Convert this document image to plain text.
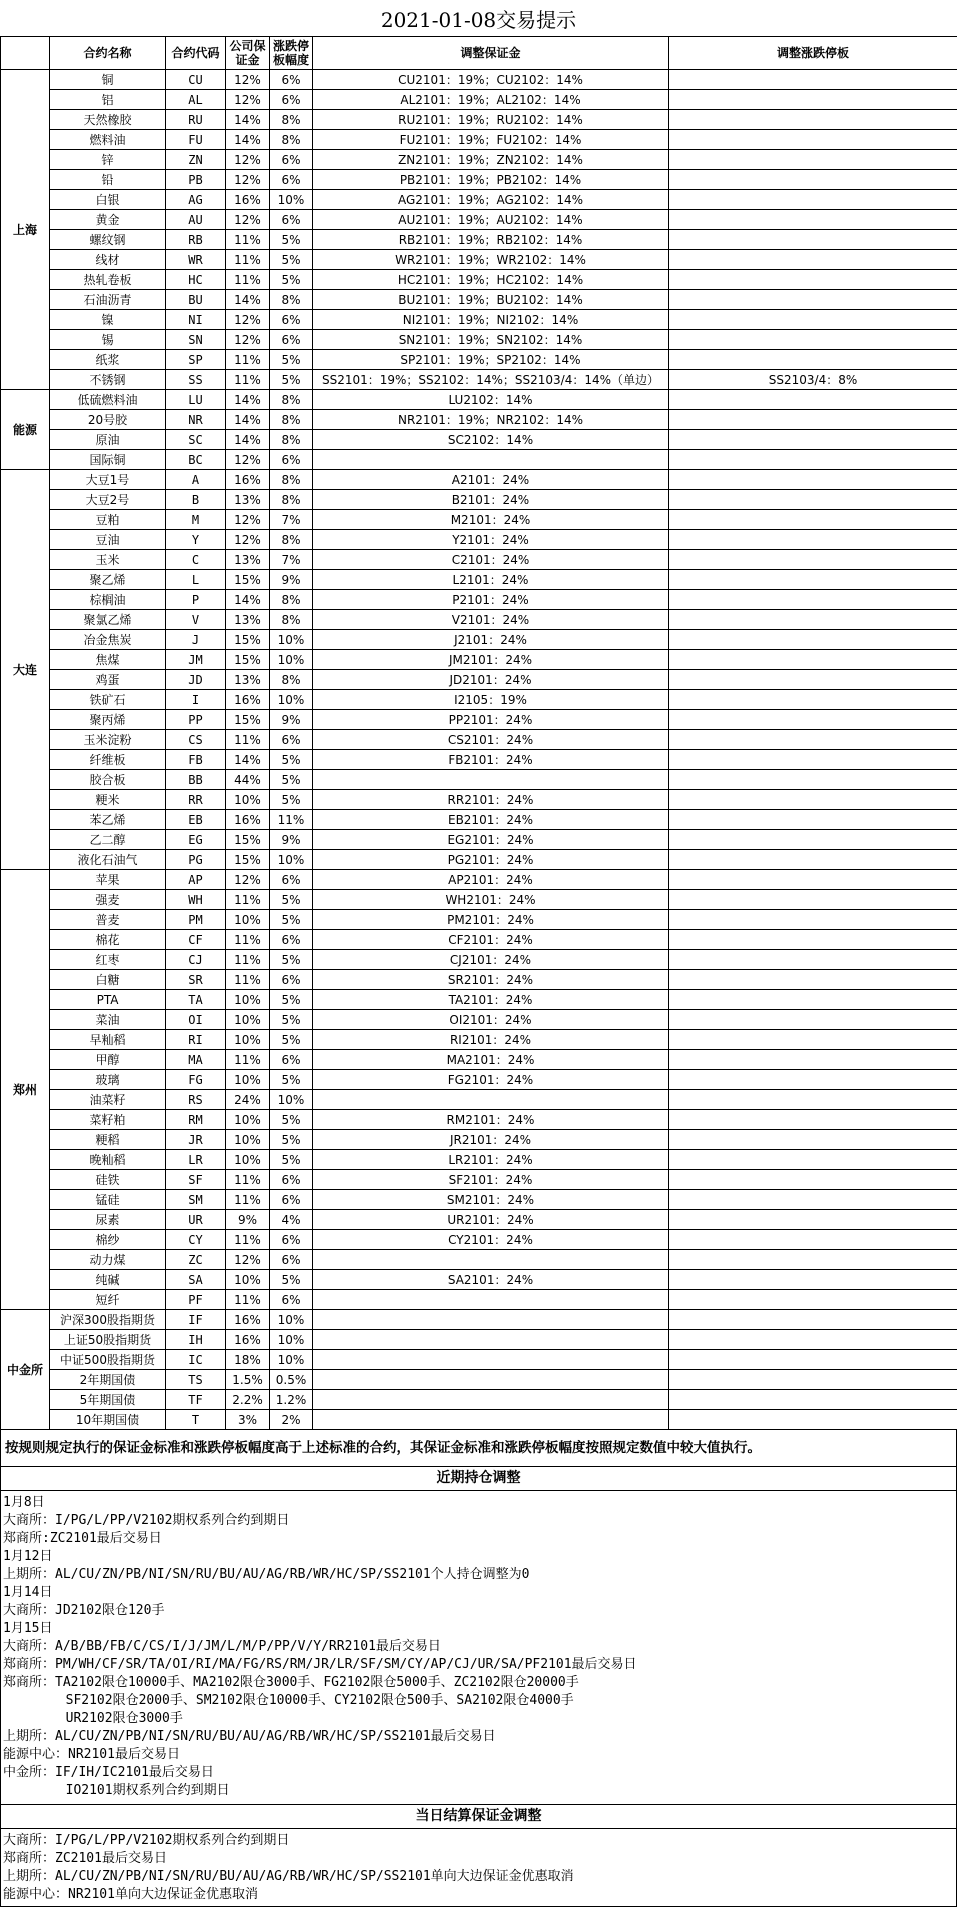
2021-01-08交易提示
	合约名称	合约代码	公司保证金	涨跌停板幅度	调整保证金	调整涨跌停板
上海	铜	CU	12%	6%	CU2101：19%；CU2102：14%	
	铝	AL	12%	6%	AL2101：19%；AL2102：14%	
	天然橡胶	RU	14%	8%	RU2101：19%；RU2102：14%	
	燃料油	FU	14%	8%	FU2101：19%；FU2102：14%	
	锌	ZN	12%	6%	ZN2101：19%；ZN2102：14%	
	铅	PB	12%	6%	PB2101：19%；PB2102：14%	
	白银	AG	16%	10%	AG2101：19%；AG2102：14%	
	黄金	AU	12%	6%	AU2101：19%；AU2102：14%	
	螺纹钢	RB	11%	5%	RB2101：19%；RB2102：14%	
	线材	WR	11%	5%	WR2101：19%；WR2102：14%	
	热轧卷板	HC	11%	5%	HC2101：19%；HC2102：14%	
	石油沥青	BU	14%	8%	BU2101：19%；BU2102：14%	
	镍	NI	12%	6%	NI2101：19%；NI2102：14%	
	锡	SN	12%	6%	SN2101：19%；SN2102：14%	
	纸浆	SP	11%	5%	SP2101：19%；SP2102：14%	
	不锈钢	SS	11%	5%	SS2101：19%；SS2102：14%；SS2103/4：14%（单边）	SS2103/4：8%
能源	低硫燃料油	LU	14%	8%	LU2102：14%	
	20号胶	NR	14%	8%	NR2101：19%；NR2102：14%	
	原油	SC	14%	8%	SC2102：14%	
	国际铜	BC	12%	6%		
大连	大豆1号	A	16%	8%	A2101：24%	
	大豆2号	B	13%	8%	B2101：24%	
	豆粕	M	12%	7%	M2101：24%	
	豆油	Y	12%	8%	Y2101：24%	
	玉米	C	13%	7%	C2101：24%	
	聚乙烯	L	15%	9%	L2101：24%	
	棕榈油	P	14%	8%	P2101：24%	
	聚氯乙烯	V	13%	8%	V2101：24%	
	冶金焦炭	J	15%	10%	J2101：24%	
	焦煤	JM	15%	10%	JM2101：24%	
	鸡蛋	JD	13%	8%	JD2101：24%	
	铁矿石	I	16%	10%	I2105：19%	
	聚丙烯	PP	15%	9%	PP2101：24%	
	玉米淀粉	CS	11%	6%	CS2101：24%	
	纤维板	FB	14%	5%	FB2101：24%	
	胶合板	BB	44%	5%		
	粳米	RR	10%	5%	RR2101：24%	
	苯乙烯	EB	16%	11%	EB2101：24%	
	乙二醇	EG	15%	9%	EG2101：24%	
	液化石油气	PG	15%	10%	PG2101：24%	
郑州	苹果	AP	12%	6%	AP2101：24%	
	强麦	WH	11%	5%	WH2101：24%	
	普麦	PM	10%	5%	PM2101：24%	
	棉花	CF	11%	6%	CF2101：24%	
	红枣	CJ	11%	5%	CJ2101：24%	
	白糖	SR	11%	6%	SR2101：24%	
	PTA	TA	10%	5%	TA2101：24%	
	菜油	OI	10%	5%	OI2101：24%	
	早籼稻	RI	10%	5%	RI2101：24%	
	甲醇	MA	11%	6%	MA2101：24%	
	玻璃	FG	10%	5%	FG2101：24%	
	油菜籽	RS	24%	10%		
	菜籽粕	RM	10%	5%	RM2101：24%	
	粳稻	JR	10%	5%	JR2101：24%	
	晚籼稻	LR	10%	5%	LR2101：24%	
	硅铁	SF	11%	6%	SF2101：24%	
	锰硅	SM	11%	6%	SM2101：24%	
	尿素	UR	9%	4%	UR2101：24%	
	棉纱	CY	11%	6%	CY2101：24%	
	动力煤	ZC	12%	6%		
	纯碱	SA	10%	5%	SA2101：24%	
	短纤	PF	11%	6%		
中金所	沪深300股指期货	IF	16%	10%		
	上证50股指期货	IH	16%	10%		
	中证500股指期货	IC	18%	10%		
	2年期国债	TS	1.5%	0.5%		
	5年期国债	TF	2.2%	1.2%		
	10年期国债	T	3%	2%		
按规则规定执行的保证金标准和涨跌停板幅度高于上述标准的合约，其保证金标准和涨跌停板幅度按照规定数值中较大值执行。
近期持仓调整
1月8日
大商所：I/PG/L/PP/V2102期权系列合约到期日
郑商所:ZC2101最后交易日
1月12日
上期所：AL/CU/ZN/PB/NI/SN/RU/BU/AU/AG/RB/WR/HC/SP/SS2101个人持仓调整为0
1月14日
大商所：JD2102限仓120手
1月15日
大商所：A/B/BB/FB/C/CS/I/J/JM/L/M/P/PP/V/Y/RR2101最后交易日
郑商所：PM/WH/CF/SR/TA/OI/RI/MA/FG/RS/RM/JR/LR/SF/SM/CY/AP/CJ/UR/SA/PF2101最后交易日
郑商所：TA2102限仓10000手、MA2102限仓3000手、FG2102限仓5000手、ZC2102限仓20000手
SF2102限仓2000手、SM2102限仓10000手、CY2102限仓500手、SA2102限仓4000手
UR2102限仓3000手
上期所：AL/CU/ZN/PB/NI/SN/RU/BU/AU/AG/RB/WR/HC/SP/SS2101最后交易日
能源中心：NR2101最后交易日
中金所：IF/IH/IC2101最后交易日
IO2101期权系列合约到期日
当日结算保证金调整
大商所：I/PG/L/PP/V2102期权系列合约到期日
郑商所：ZC2101最后交易日
上期所：AL/CU/ZN/PB/NI/SN/RU/BU/AU/AG/RB/WR/HC/SP/SS2101单向大边保证金优惠取消
能源中心：NR2101单向大边保证金优惠取消
